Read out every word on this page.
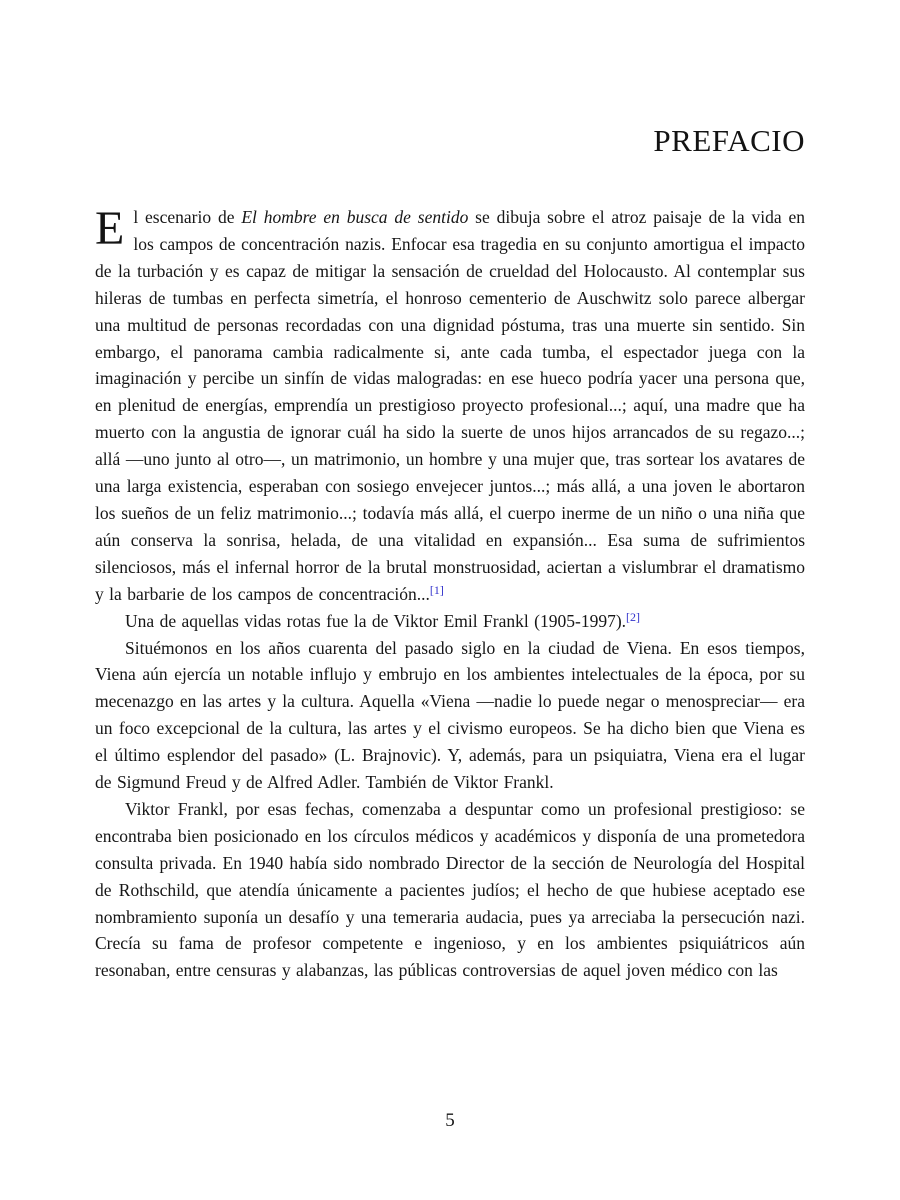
PREFACIO

El escenario de El hombre en busca de sentido se dibuja sobre el atroz paisaje de la vida en los campos de concentración nazis. Enfocar esa tragedia en su conjunto amortigua el impacto de la turbación y es capaz de mitigar la sensación de crueldad del Holocausto. Al contemplar sus hileras de tumbas en perfecta simetría, el honroso cementerio de Auschwitz solo parece albergar una multitud de personas recordadas con una dignidad póstuma, tras una muerte sin sentido. Sin embargo, el panorama cambia radicalmente si, ante cada tumba, el espectador juega con la imaginación y percibe un sinfín de vidas malogradas: en ese hueco podría yacer una persona que, en plenitud de energías, emprendía un prestigioso proyecto profesional...; aquí, una madre que ha muerto con la angustia de ignorar cuál ha sido la suerte de unos hijos arrancados de su regazo...; allá —uno junto al otro—, un matrimonio, un hombre y una mujer que, tras sortear los avatares de una larga existencia, esperaban con sosiego envejecer juntos...; más allá, a una joven le abortaron los sueños de un feliz matrimonio...; todavía más allá, el cuerpo inerme de un niño o una niña que aún conserva la sonrisa, helada, de una vitalidad en expansión... Esa suma de sufrimientos silenciosos, más el infernal horror de la brutal monstruosidad, aciertan a vislumbrar el dramatismo y la barbarie de los campos de concentración...[1]

Una de aquellas vidas rotas fue la de Viktor Emil Frankl (1905-1997).[2]

Situémonos en los años cuarenta del pasado siglo en la ciudad de Viena. En esos tiempos, Viena aún ejercía un notable influjo y embrujo en los ambientes intelectuales de la época, por su mecenazgo en las artes y la cultura. Aquella «Viena —nadie lo puede negar o menospreciar— era un foco excepcional de la cultura, las artes y el civismo europeos. Se ha dicho bien que Viena es el último esplendor del pasado» (L. Brajnovic). Y, además, para un psiquiatra, Viena era el lugar de Sigmund Freud y de Alfred Adler. También de Viktor Frankl.

Viktor Frankl, por esas fechas, comenzaba a despuntar como un profesional prestigioso: se encontraba bien posicionado en los círculos médicos y académicos y disponía de una prometedora consulta privada. En 1940 había sido nombrado Director de la sección de Neurología del Hospital de Rothschild, que atendía únicamente a pacientes judíos; el hecho de que hubiese aceptado ese nombramiento suponía un desafío y una temeraria audacia, pues ya arreciaba la persecución nazi. Crecía su fama de profesor competente e ingenioso, y en los ambientes psiquiátricos aún resonaban, entre censuras y alabanzas, las públicas controversias de aquel joven médico con las

5
